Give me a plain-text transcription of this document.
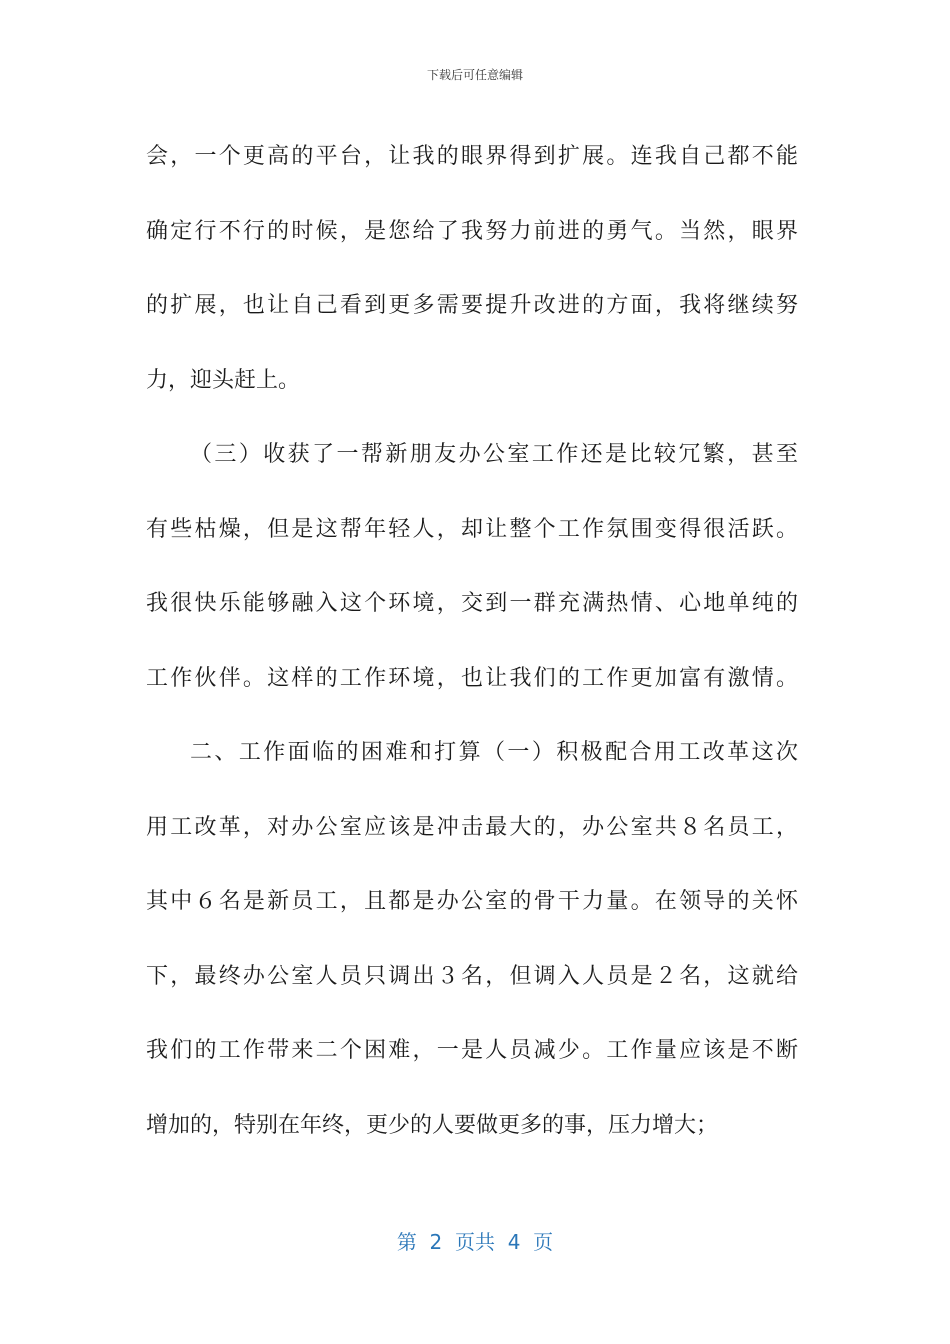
下载后可任意编辑
会，一个更高的平台，让我的眼界得到扩展。连我自己都不能
确定行不行的时候，是您给了我努力前进的勇气。当然，眼界
的扩展，也让自己看到更多需要提升改进的方面，我将继续努
力，迎头赶上。
（三）收获了一帮新朋友办公室工作还是比较冗繁，甚至
有些枯燥，但是这帮年轻人，却让整个工作氛围变得很活跃。
我很快乐能够融入这个环境，交到一群充满热情、心地单纯的
工作伙伴。这样的工作环境，也让我们的工作更加富有激情。
二、工作面临的困难和打算（一）积极配合用工改革这次
用工改革，对办公室应该是冲击最大的，办公室共８名员工，
其中６名是新员工，且都是办公室的骨干力量。在领导的关怀
下，最终办公室人员只调出３名，但调入人员是２名，这就给
我们的工作带来二个困难，一是人员减少。工作量应该是不断
增加的，特别在年终，更少的人要做更多的事，压力增大；
第  2  页共  4  页
